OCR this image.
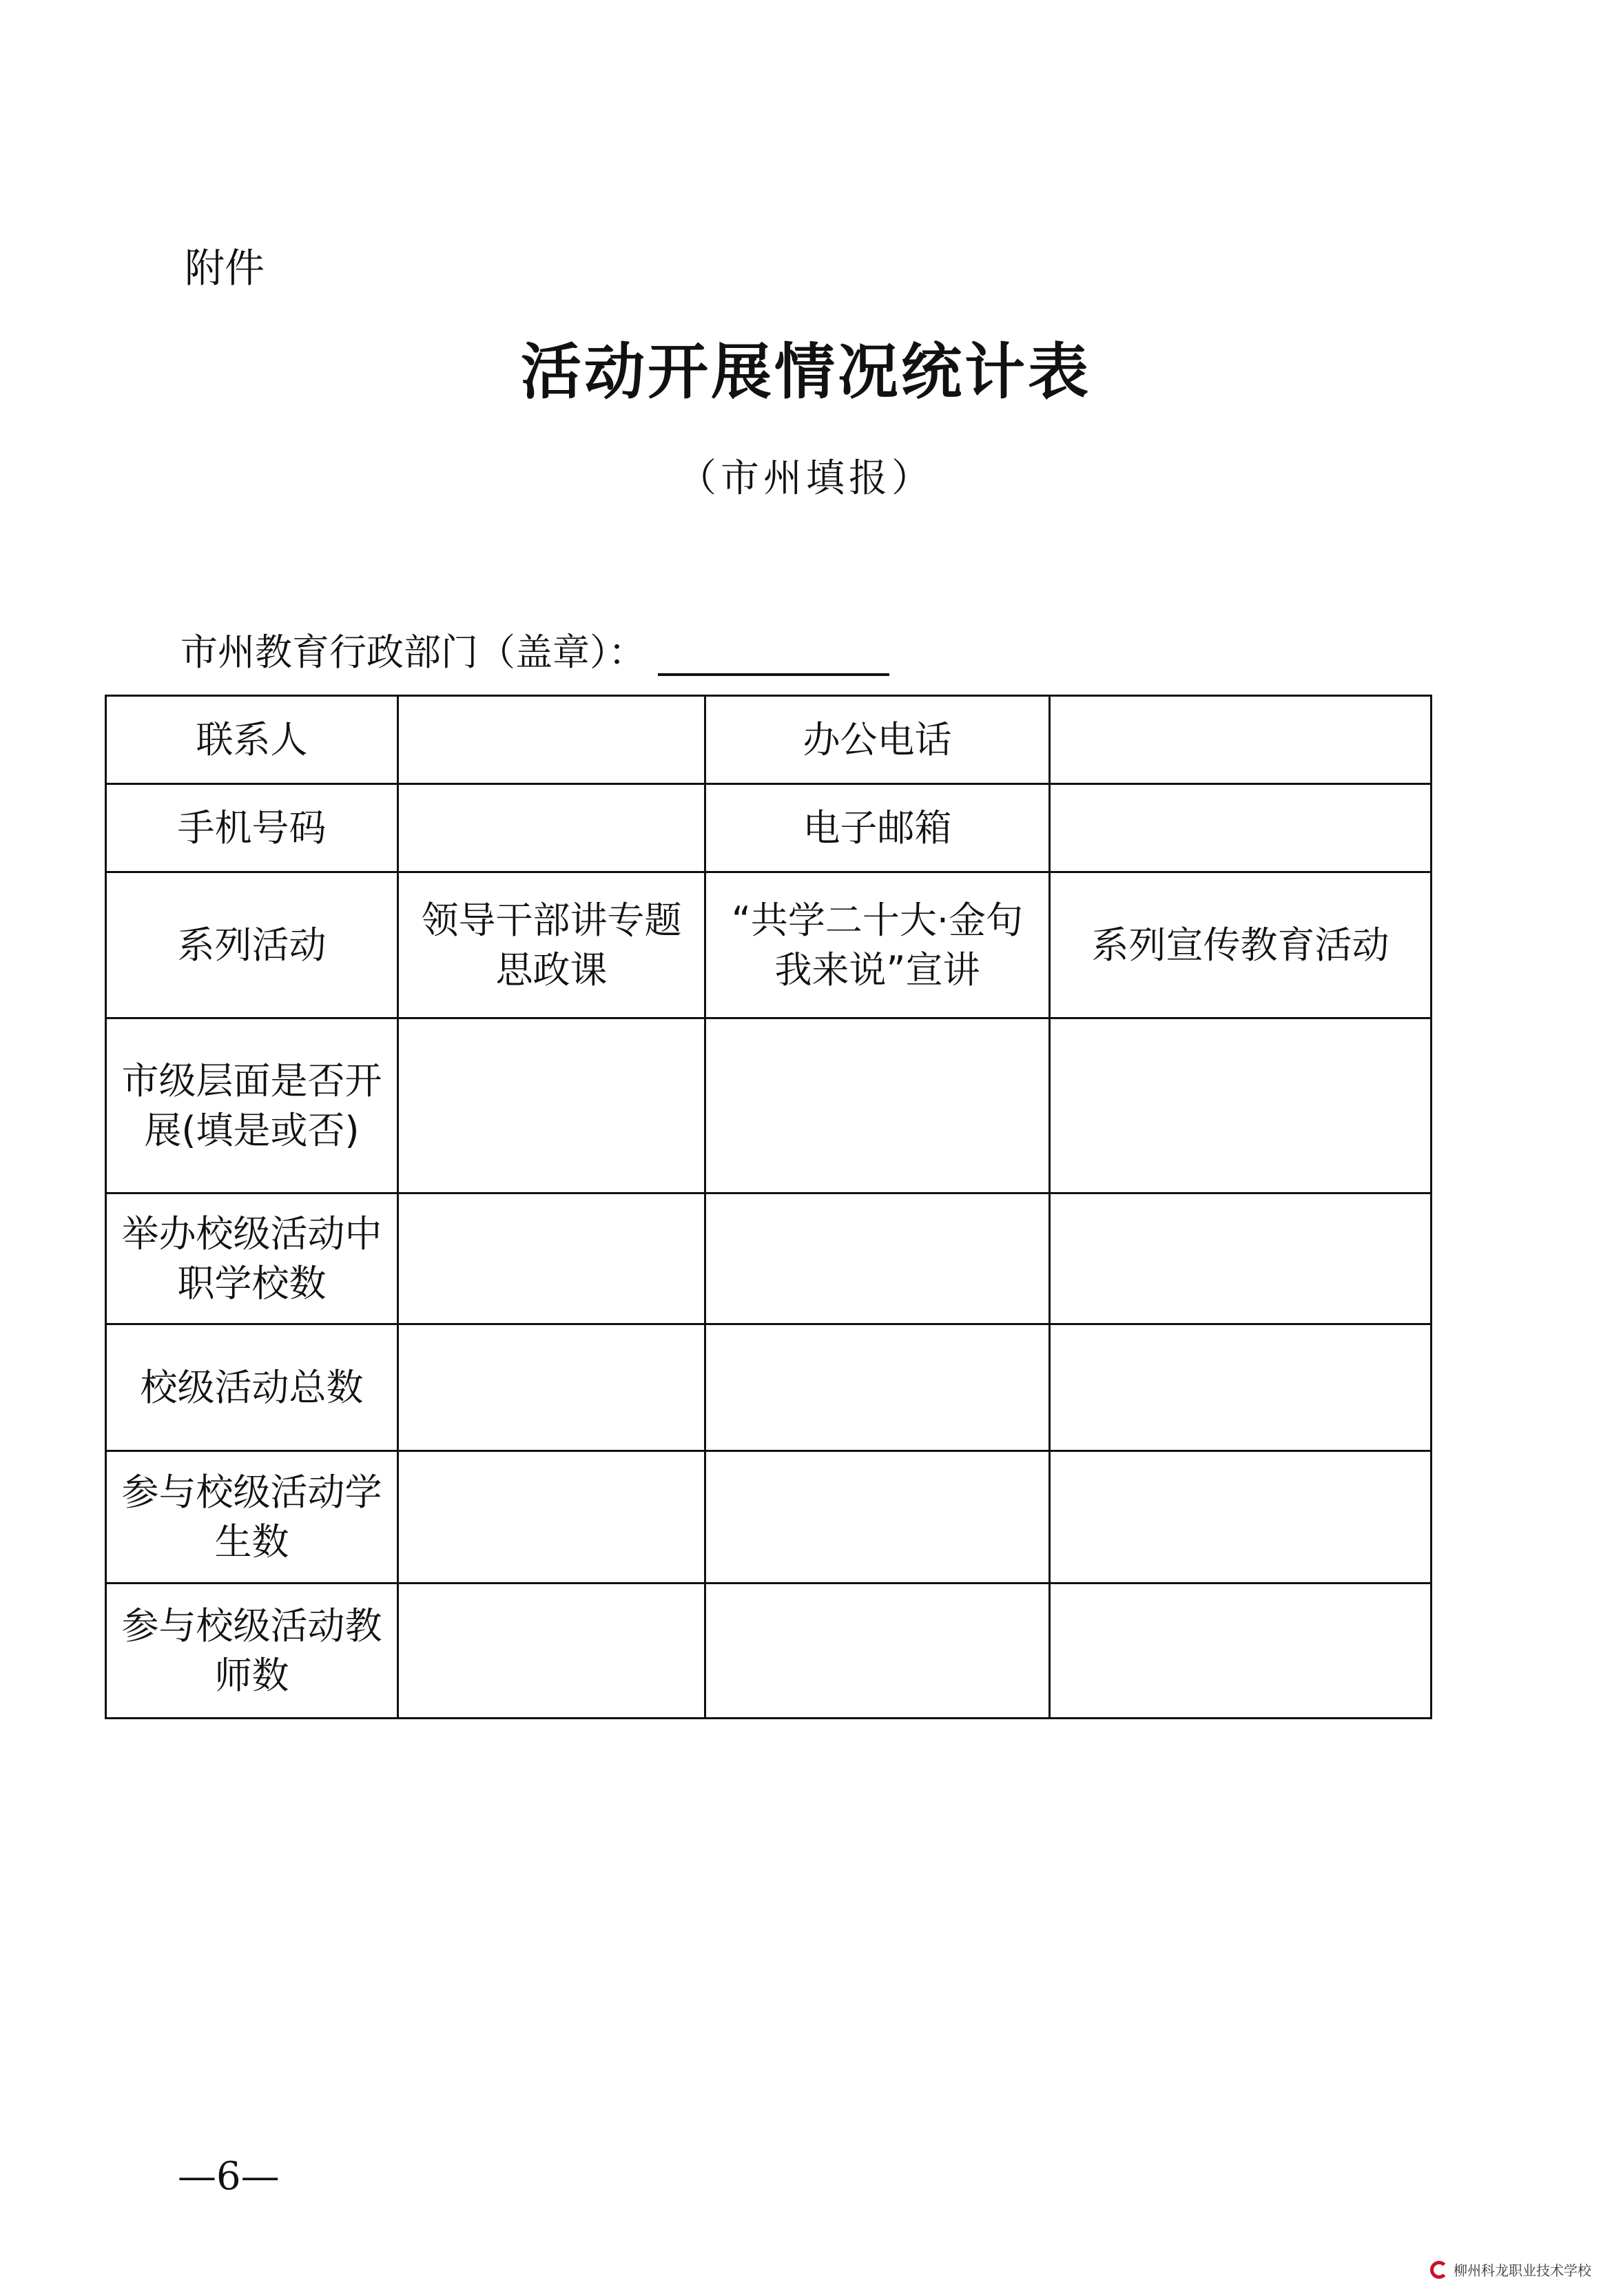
附件
活动开展情况统计表
（市州填报）
市州教育行政部门（盖章）：
联系人		办公电话	
手机号码		电子邮箱	
系列活动	领导干部讲专题思政课	“共学二十大·金句我来说”宣讲	系列宣传教育活动
市级层面是否开展(填是或否)			
举办校级活动中职学校数			
校级活动总数			
参与校级活动学生数			
参与校级活动教师数			
—6—
柳州科龙职业技术学校
